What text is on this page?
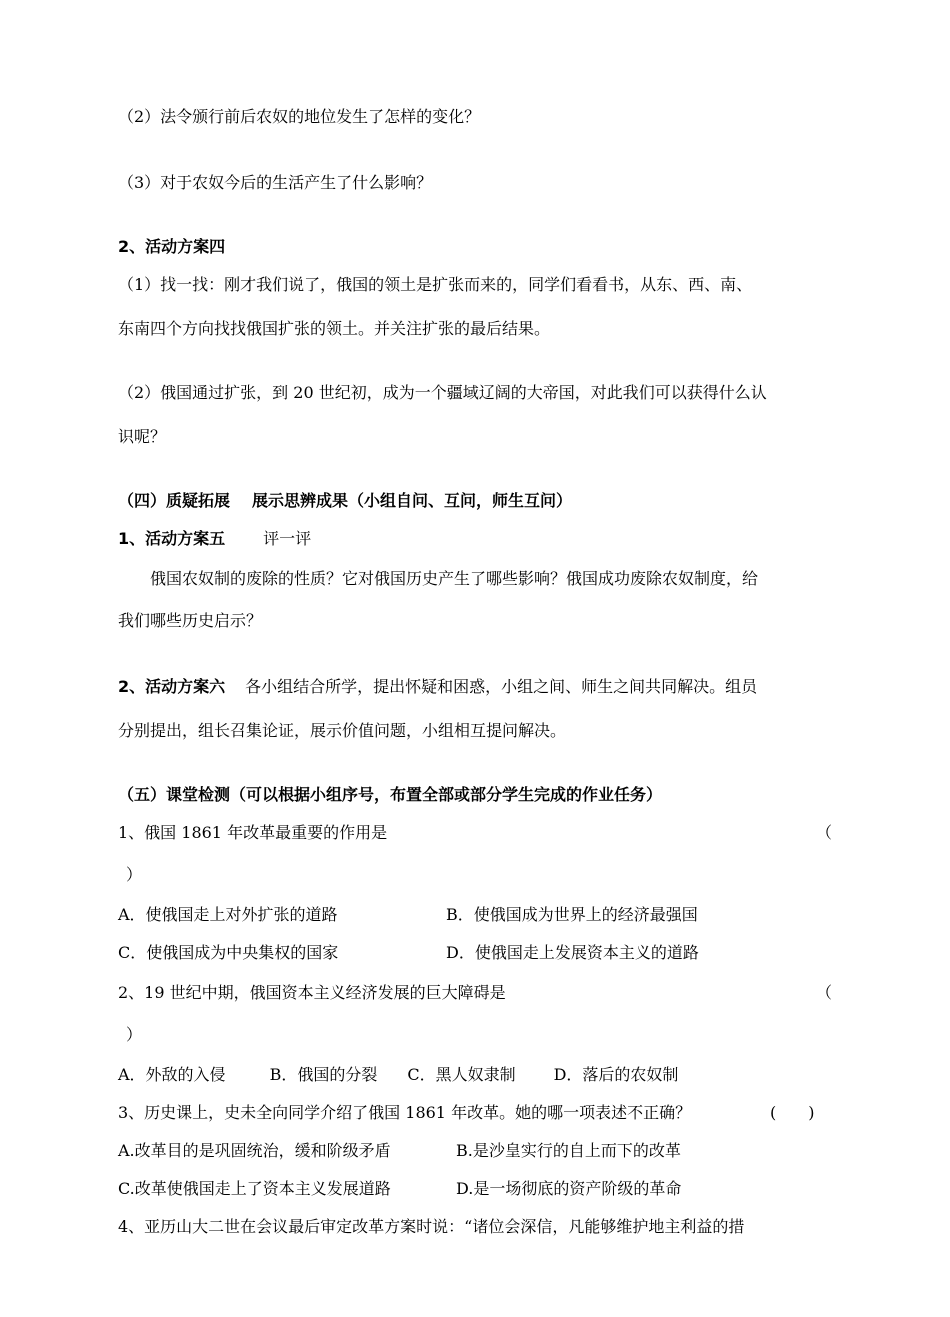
（2）法令颁行前后农奴的地位发生了怎样的变化？
（3）对于农奴今后的生活产生了什么影响？
2、活动方案四
（1）找一找：刚才我们说了，俄国的领土是扩张而来的，同学们看看书，从东、西、南、
东南四个方向找找俄国扩张的领土。并关注扩张的最后结果。
（2）俄国通过扩张，到 20 世纪初，成为一个疆域辽阔的大帝国，对此我们可以获得什么认
识呢？
（四）质疑拓展 展示思辨成果（小组自问、互问，师生互问）
1、活动方案五 评一评
俄国农奴制的废除的性质？它对俄国历史产生了哪些影响？俄国成功废除农奴制度，给
我们哪些历史启示？
2、活动方案六 各小组结合所学，提出怀疑和困惑，小组之间、师生之间共同解决。组员
分别提出，组长召集论证，展示价值问题，小组相互提问解决。
（五）课堂检测（可以根据小组序号，布置全部或部分学生完成的作业任务）
1、俄国 1861 年改革最重要的作用是	（
）
A．使俄国走上对外扩张的道路	B．使俄国成为世界上的经济最强国
C．使俄国成为中央集权的国家	D．使俄国走上发展资本主义的道路
2、19 世纪中期，俄国资本主义经济发展的巨大障碍是	（
）
A．外敌的入侵	B．俄国的分裂 C．黑人奴隶制 D．落后的农奴制
3、历史课上，史未全向同学介绍了俄国 1861 年改革。她的哪一项表述不正确？	(　　)
A.改革目的是巩固统治，缓和阶级矛盾	B.是沙皇实行的自上而下的改革
C.改革使俄国走上了资本主义发展道路	D.是一场彻底的资产阶级的革命
4、亚历山大二世在会议最后审定改革方案时说：“诸位会深信，凡能够维护地主利益的措
